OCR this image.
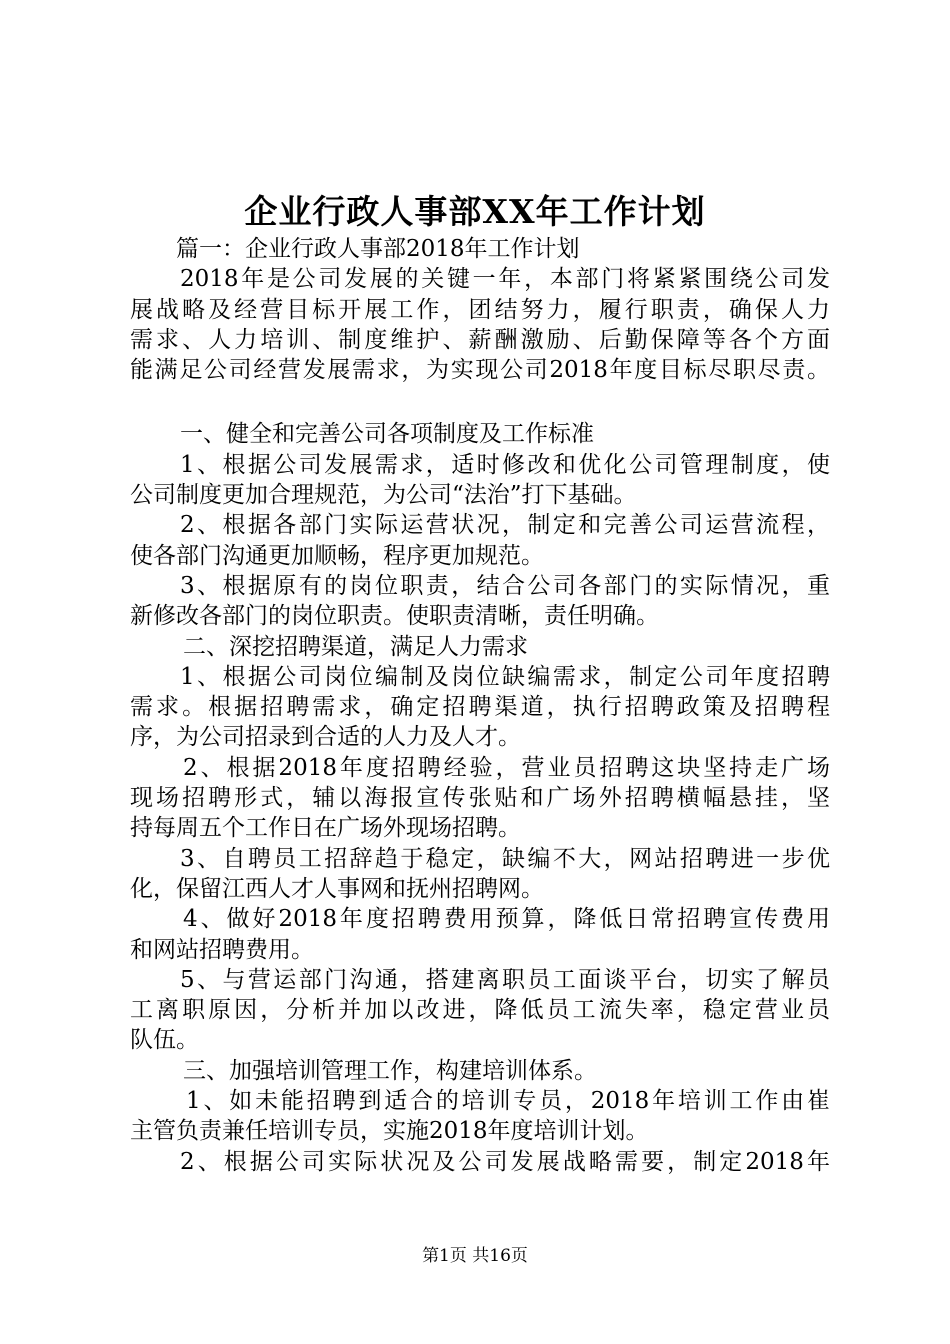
企业行政人事部XX年工作计划
篇一：企业行政人事部2018年工作计划
2018年是公司发展的关键一年，本部门将紧紧围绕公司发
展战略及经营目标开展工作，团结努力，履行职责，确保人力
需求、人力培训、制度维护、薪酬激励、后勤保障等各个方面
能满足公司经营发展需求，为实现公司2018年度目标尽职尽责。
一、健全和完善公司各项制度及工作标准
1、根据公司发展需求，适时修改和优化公司管理制度，使
公司制度更加合理规范，为公司“法治”打下基础。
2、根据各部门实际运营状况，制定和完善公司运营流程，
使各部门沟通更加顺畅，程序更加规范。
3、根据原有的岗位职责，结合公司各部门的实际情况，重
新修改各部门的岗位职责。使职责清晰，责任明确。
二、深挖招聘渠道，满足人力需求
1、根据公司岗位编制及岗位缺编需求，制定公司年度招聘
需求。根据招聘需求，确定招聘渠道，执行招聘政策及招聘程
序，为公司招录到合适的人力及人才。
2、根据2018年度招聘经验，营业员招聘这块坚持走广场
现场招聘形式，辅以海报宣传张贴和广场外招聘横幅悬挂，坚
持每周五个工作日在广场外现场招聘。
3、自聘员工招辞趋于稳定，缺编不大，网站招聘进一步优
化，保留江西人才人事网和抚州招聘网。
4、做好2018年度招聘费用预算，降低日常招聘宣传费用
和网站招聘费用。
5、与营运部门沟通，搭建离职员工面谈平台，切实了解员
工离职原因，分析并加以改进，降低员工流失率，稳定营业员
队伍。
三、加强培训管理工作，构建培训体系。
1、如未能招聘到适合的培训专员，2018年培训工作由崔
主管负责兼任培训专员，实施2018年度培训计划。
2、根据公司实际状况及公司发展战略需要，制定2018年
第1页 共16页
